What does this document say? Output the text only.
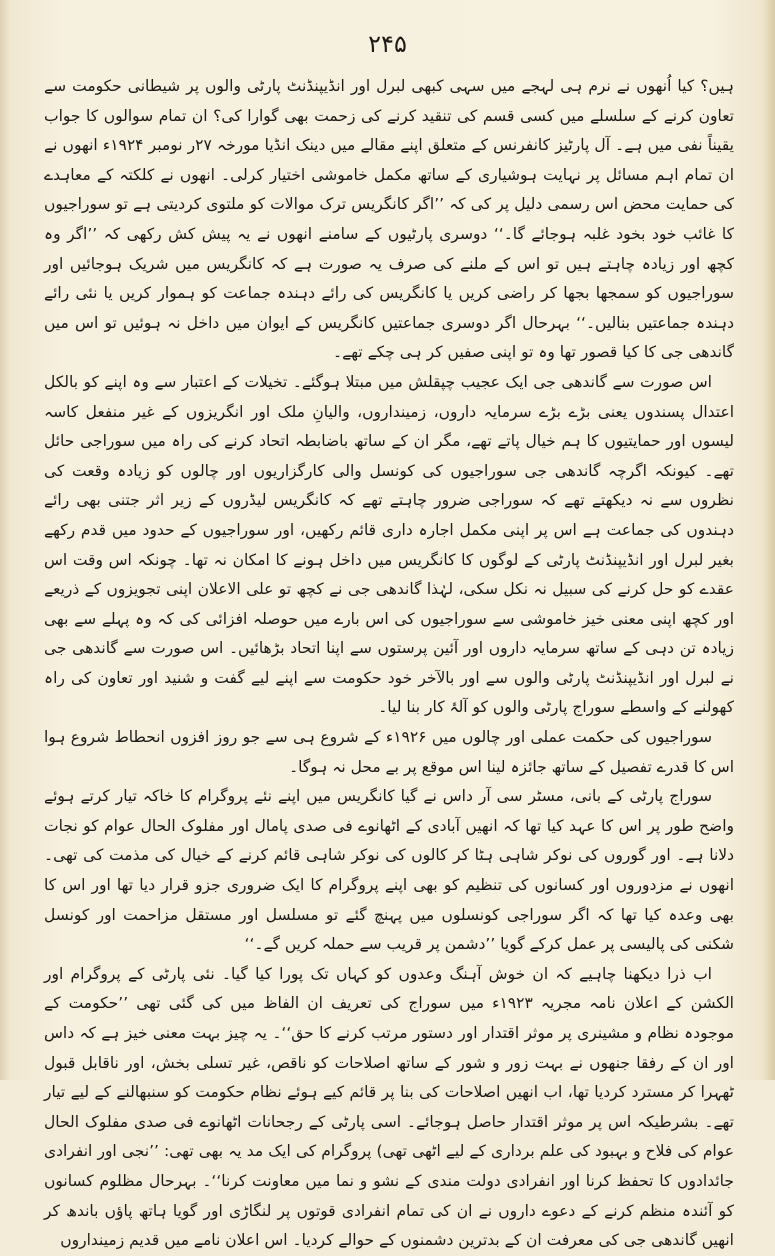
۲۴۵

ہیں؟ کیا اُنھوں نے نرم ہی لہجے میں سہی کبھی لبرل اور انڈیپنڈنٹ پارٹی والوں پر شیطانی حکومت سے تعاون کرنے کے سلسلے میں کسی قسم کی تنقید کرنے کی زحمت بھی گوارا کی؟ ان تمام سوالوں کا جواب یقیناً نفی میں ہے۔ آل پارٹیز کانفرنس کے متعلق اپنے مقالے میں دینک انڈیا مورخہ ۲۷ر نومبر ۱۹۲۴ء انھوں نے ان تمام اہم مسائل پر نہایت ہوشیاری کے ساتھ مکمل خاموشی اختیار کرلی۔ انھوں نے کلکتہ کے معاہدے کی حمایت محض اس رسمی دلیل پر کی کہ ’’اگر کانگریس ترک موالات کو ملتوی کردیتی ہے تو سوراجیوں کا غائب خود بخود غلبہ ہوجائے گا۔‘‘ دوسری پارٹیوں کے سامنے انھوں نے یہ پیش کش رکھی کہ ’’اگر وہ کچھ اور زیادہ چاہتے ہیں تو اس کے ملنے کی صرف یہ صورت ہے کہ کانگریس میں شریک ہوجائیں اور سوراجیوں کو سمجھا بجھا کر راضی کریں یا کانگریس کی رائے دہندہ جماعت کو ہموار کریں یا نئی رائے دہندہ جماعتیں بنالیں۔‘‘ بہرحال اگر دوسری جماعتیں کانگریس کے ایوان میں داخل نہ ہوئیں تو اس میں گاندھی جی کا کیا قصور تھا وہ تو اپنی صفیں کر ہی چکے تھے۔

اس صورت سے گاندھی جی ایک عجیب چپقلش میں مبتلا ہوگئے۔ تخیلات کے اعتبار سے وہ اپنے کو بالکل اعتدال پسندوں یعنی بڑے بڑے سرمایہ داروں، زمینداروں، والیانِ ملک اور انگریزوں کے غیر منفعل کاسہ لیسوں اور حمایتیوں کا ہم خیال پاتے تھے، مگر ان کے ساتھ باضابطہ اتحاد کرنے کی راہ میں سوراجی حائل تھے۔ کیونکہ اگرچہ گاندھی جی سوراجیوں کی کونسل والی کارگزاریوں اور چالوں کو زیادہ وقعت کی نظروں سے نہ دیکھتے تھے کہ سوراجی ضرور چاہتے تھے کہ کانگریس لیڈروں کے زیر اثر جتنی بھی رائے دہندوں کی جماعت ہے اس پر اپنی مکمل اجارہ داری قائم رکھیں، اور سوراجیوں کے حدود میں قدم رکھے بغیر لبرل اور انڈیپنڈنٹ پارٹی کے لوگوں کا کانگریس میں داخل ہونے کا امکان نہ تھا۔ چونکہ اس وقت اس عقدے کو حل کرنے کی سبیل نہ نکل سکی، لہٰذا گاندھی جی نے کچھ تو علی الاعلان اپنی تجویزوں کے ذریعے اور کچھ اپنی معنی خیز خاموشی سے سوراجیوں کی اس بارے میں حوصلہ افزائی کی کہ وہ پہلے سے بھی زیادہ تن دہی کے ساتھ سرمایہ داروں اور آئین پرستوں سے اپنا اتحاد بڑھائیں۔ اس صورت سے گاندھی جی نے لبرل اور انڈیپنڈنٹ پارٹی والوں سے اور بالآخر خود حکومت سے اپنے لیے گفت و شنید اور تعاون کی راہ کھولنے کے واسطے سوراج پارٹی والوں کو آلۂ کار بنا لیا۔

سوراجیوں کی حکمت عملی اور چالوں میں ۱۹۲۶ء کے شروع ہی سے جو روز افزوں انحطاط شروع ہوا اس کا قدرے تفصیل کے ساتھ جائزہ لینا اس موقع پر بے محل نہ ہوگا۔

سوراج پارٹی کے بانی، مسٹر سی آر داس نے گیا کانگریس میں اپنے نئے پروگرام کا خاکہ تیار کرتے ہوئے واضح طور پر اس کا عہد کیا تھا کہ انھیں آبادی کے اٹھانوے فی صدی پامال اور مفلوک الحال عوام کو نجات دلانا ہے۔ اور گوروں کی نوکر شاہی ہٹا کر کالوں کی نوکر شاہی قائم کرنے کے خیال کی مذمت کی تھی۔ انھوں نے مزدوروں اور کسانوں کی تنظیم کو بھی اپنے پروگرام کا ایک ضروری جزو قرار دیا تھا اور اس کا بھی وعدہ کیا تھا کہ اگر سوراجی کونسلوں میں پہنچ گئے تو مسلسل اور مستقل مزاحمت اور کونسل شکنی کی پالیسی پر عمل کرکے گویا ’’دشمن پر قریب سے حملہ کریں گے۔‘‘

اب ذرا دیکھنا چاہیے کہ ان خوش آہنگ وعدوں کو کہاں تک پورا کیا گیا۔ نئی پارٹی کے پروگرام اور الکشن کے اعلان نامہ مجریہ ۱۹۲۳ء میں سوراج کی تعریف ان الفاظ میں کی گئی تھی ’’حکومت کے موجودہ نظام و مشینری پر موثر اقتدار اور دستور مرتب کرنے کا حق‘‘۔ یہ چیز بہت معنی خیز ہے کہ داس اور ان کے رفقا جنھوں نے بہت زور و شور کے ساتھ اصلاحات کو ناقص، غیر تسلی بخش، اور ناقابل قبول ٹھہرا کر مسترد کردیا تھا، اب انھیں اصلاحات کی بنا پر قائم کیے ہوئے نظام حکومت کو سنبھالنے کے لیے تیار تھے۔ بشرطیکہ اس پر موثر اقتدار حاصل ہوجائے۔ اسی پارٹی کے رجحانات اٹھانوے فی صدی مفلوک الحال عوام کی فلاح و بہبود کی علم برداری کے لیے اٹھی تھی) پروگرام کی ایک مد یہ بھی تھی: ’’نجی اور انفرادی جائدادوں کا تحفظ کرنا اور انفرادی دولت مندی کے نشو و نما میں معاونت کرنا‘‘۔ بہرحال مظلوم کسانوں کو آئندہ منظم کرنے کے دعوے داروں نے ان کی تمام انفرادی قوتوں پر لنگاڑی اور گویا ہاتھ پاؤں باندھ کر انھیں گاندھی جی کی معرفت ان کے بدترین دشمنوں کے حوالے کردیا۔ اس اعلان نامے میں قدیم زمینداروں
